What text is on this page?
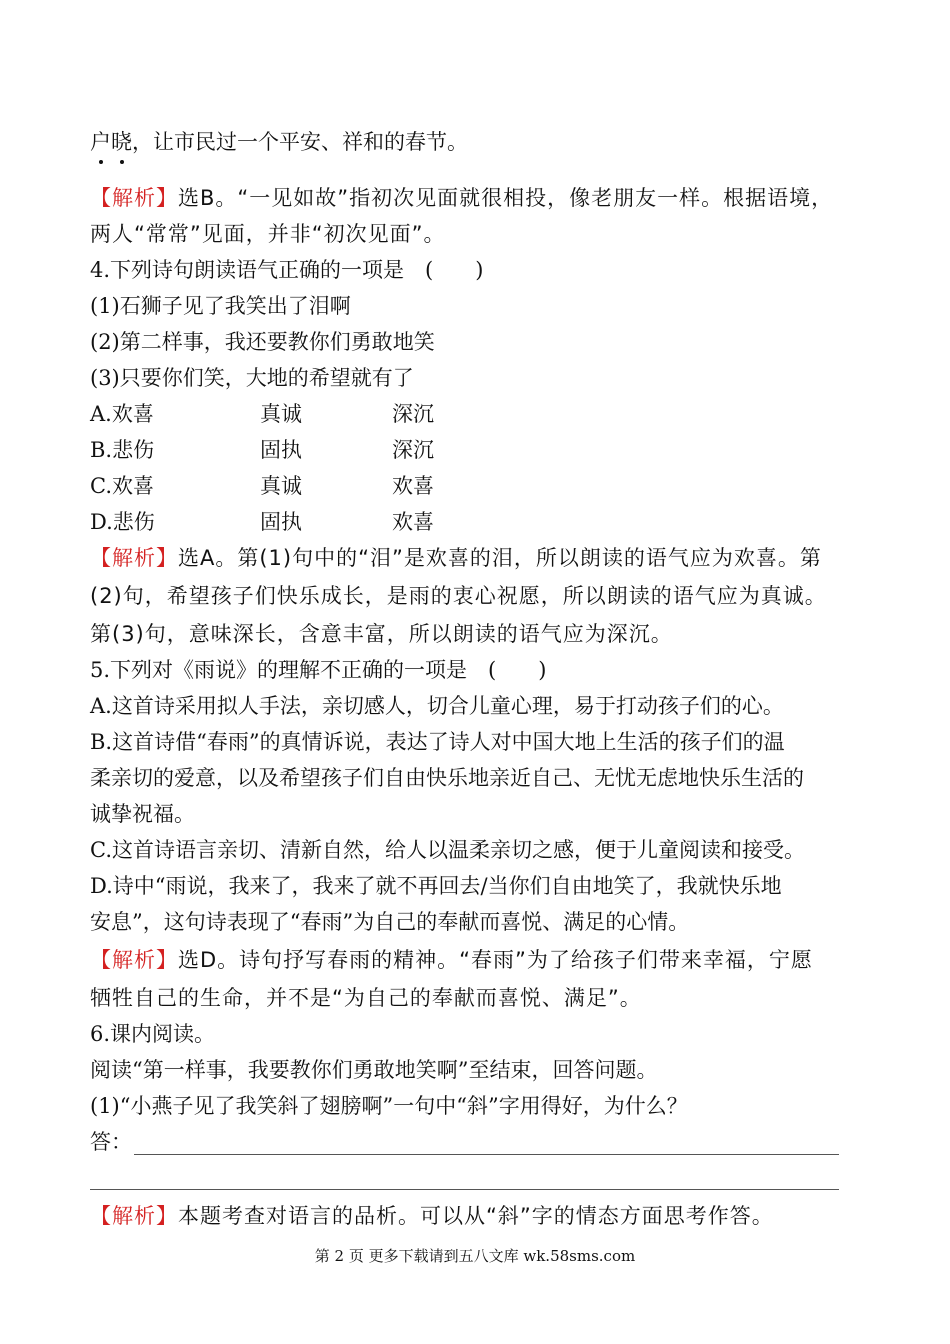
户晓，让市民过一个平安、祥和的春节。
【解析】选B。“一见如故”指初次见面就很相投，像老朋友一样。根据语境，
两人“常常”见面，并非“初次见面”。
4.下列诗句朗读语气正确的一项是　(　　)
(1)石狮子见了我笑出了泪啊
(2)第二样事，我还要教你们勇敢地笑
(3)只要你们笑，大地的希望就有了
A.欢喜	真诚	深沉
B.悲伤	固执	深沉
C.欢喜	真诚	欢喜
D.悲伤	固执	欢喜
【解析】选A。第(1)句中的“泪”是欢喜的泪，所以朗读的语气应为欢喜。第
(2)句，希望孩子们快乐成长，是雨的衷心祝愿，所以朗读的语气应为真诚。
第(3)句，意味深长，含意丰富，所以朗读的语气应为深沉。
5.下列对《雨说》的理解不正确的一项是　(　　)
A.这首诗采用拟人手法，亲切感人，切合儿童心理，易于打动孩子们的心。
B.这首诗借“春雨”的真情诉说，表达了诗人对中国大地上生活的孩子们的温
柔亲切的爱意，以及希望孩子们自由快乐地亲近自己、无忧无虑地快乐生活的
诚挚祝福。
C.这首诗语言亲切、清新自然，给人以温柔亲切之感，便于儿童阅读和接受。
D.诗中“雨说，我来了，我来了就不再回去/当你们自由地笑了，我就快乐地
安息”，这句诗表现了“春雨”为自己的奉献而喜悦、满足的心情。
【解析】选D。诗句抒写春雨的精神。“春雨”为了给孩子们带来幸福，宁愿
牺牲自己的生命，并不是“为自己的奉献而喜悦、满足”。
6.课内阅读。
阅读“第一样事，我要教你们勇敢地笑啊”至结束，回答问题。
(1)“小燕子见了我笑斜了翅膀啊”一句中“斜”字用得好，为什么？
答：
【解析】本题考查对语言的品析。可以从“斜”字的情态方面思考作答。
第 2 页 更多下载请到五八文库 wk.58sms.com
